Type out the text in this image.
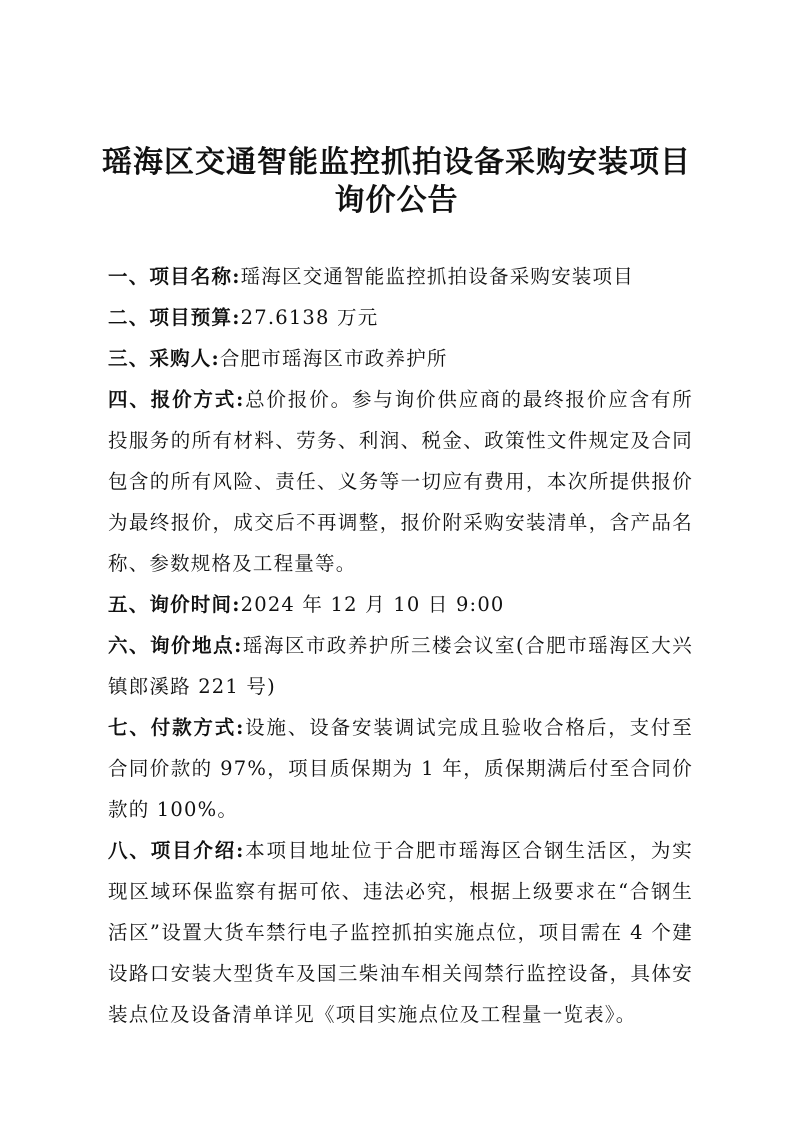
瑶海区交通智能监控抓拍设备采购安装项目
询价公告

一、项目名称:瑶海区交通智能监控抓拍设备采购安装项目

二、项目预算:27.6138 万元

三、采购人:合肥市瑶海区市政养护所

四、报价方式:总价报价。参与询价供应商的最终报价应含有所投服务的所有材料、劳务、利润、税金、政策性文件规定及合同包含的所有风险、责任、义务等一切应有费用，本次所提供报价为最终报价，成交后不再调整，报价附采购安装清单，含产品名称、参数规格及工程量等。

五、询价时间:2024 年 12 月 10 日 9:00

六、询价地点:瑶海区市政养护所三楼会议室(合肥市瑶海区大兴镇郎溪路 221 号)

七、付款方式:设施、设备安装调试完成且验收合格后，支付至合同价款的 97%，项目质保期为 1 年，质保期满后付至合同价款的 100%。

八、项目介绍:本项目地址位于合肥市瑶海区合钢生活区，为实现区域环保监察有据可依、违法必究，根据上级要求在“合钢生活区”设置大货车禁行电子监控抓拍实施点位，项目需在 4 个建设路口安装大型货车及国三柴油车相关闯禁行监控设备，具体安装点位及设备清单详见《项目实施点位及工程量一览表》。
